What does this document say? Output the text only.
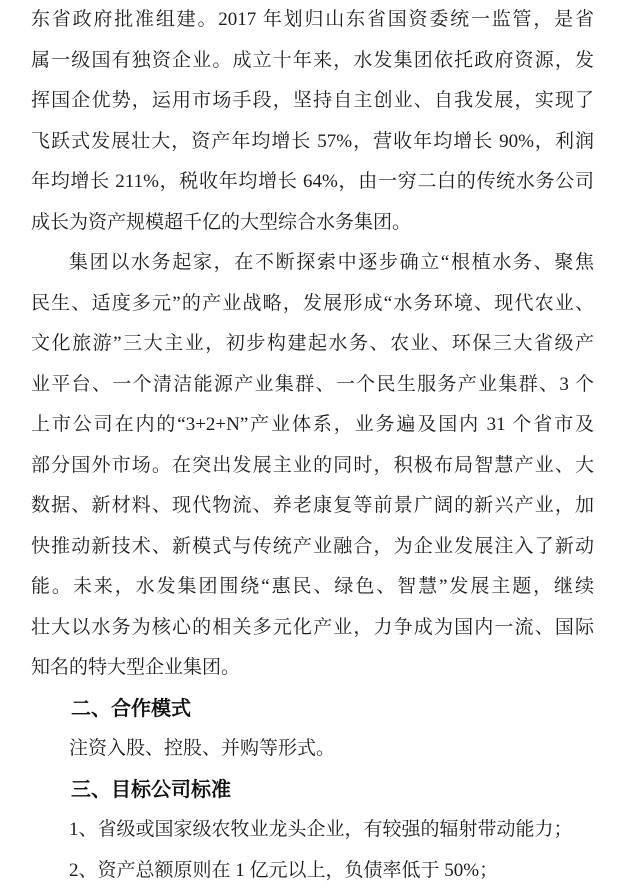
东省政府批准组建。2017 年划归山东省国资委统一监管，是省
属一级国有独资企业。成立十年来，水发集团依托政府资源，发
挥国企优势，运用市场手段，坚持自主创业、自我发展，实现了
飞跃式发展壮大，资产年均增长 57%，营收年均增长 90%，利润
年均增长 211%，税收年均增长 64%，由一穷二白的传统水务公司
成长为资产规模超千亿的大型综合水务集团。
集团以水务起家，在不断探索中逐步确立“根植水务、聚焦
民生、适度多元”的产业战略，发展形成“水务环境、现代农业、
文化旅游”三大主业，初步构建起水务、农业、环保三大省级产
业平台、一个清洁能源产业集群、一个民生服务产业集群、3 个
上市公司在内的“3+2+N”产业体系，业务遍及国内 31 个省市及
部分国外市场。在突出发展主业的同时，积极布局智慧产业、大
数据、新材料、现代物流、养老康复等前景广阔的新兴产业，加
快推动新技术、新模式与传统产业融合，为企业发展注入了新动
能。未来，水发集团围绕“惠民、绿色、智慧”发展主题，继续
壮大以水务为核心的相关多元化产业，力争成为国内一流、国际
知名的特大型企业集团。
二、合作模式
注资入股、控股、并购等形式。
三、目标公司标准
1、省级或国家级农牧业龙头企业，有较强的辐射带动能力；
2、资产总额原则在 1 亿元以上，负债率低于 50%；
